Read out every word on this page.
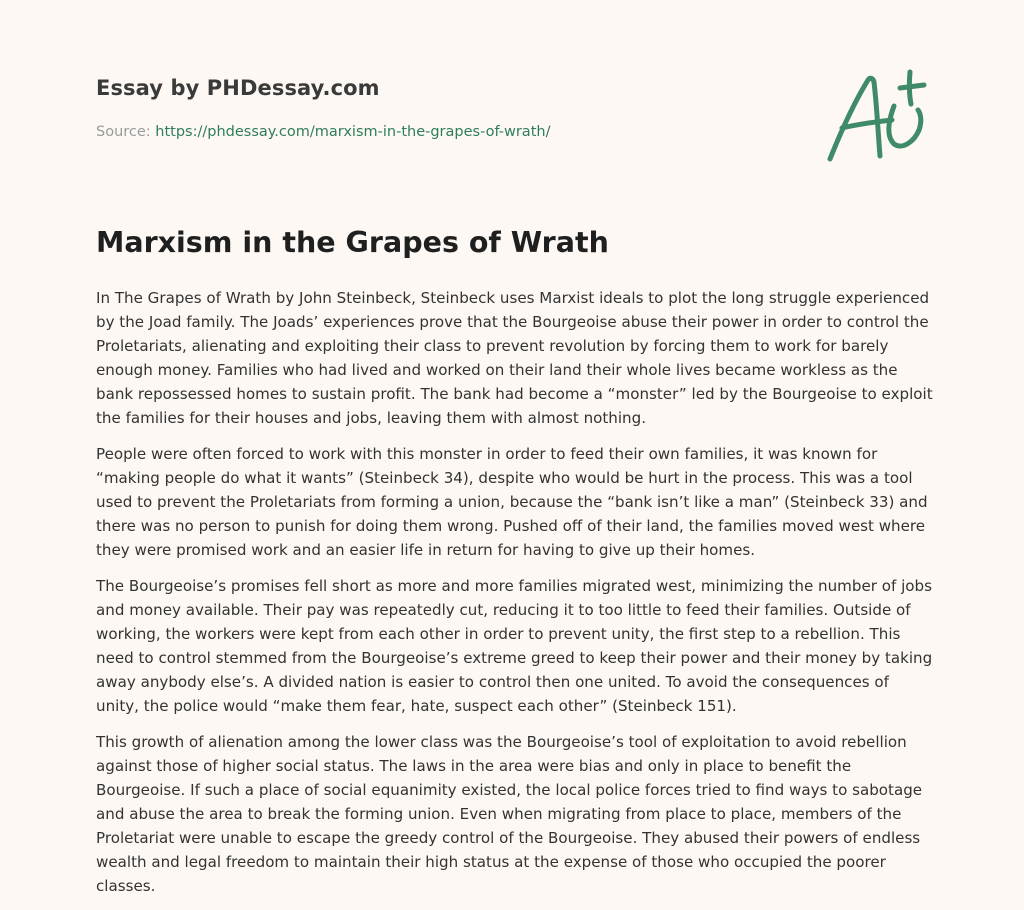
Essay by PHDessay.com

Source: https://phdessay.com/marxism-in-the-grapes-of-wrath/

Marxism in the Grapes of Wrath

In The Grapes of Wrath by John Steinbeck, Steinbeck uses Marxist ideals to plot the long struggle experienced by the Joad family. The Joads’ experiences prove that the Bourgeoise abuse their power in order to control the Proletariats, alienating and exploiting their class to prevent revolution by forcing them to work for barely enough money. Families who had lived and worked on their land their whole lives became workless as the bank repossessed homes to sustain profit. The bank had become a “monster” led by the Bourgeoise to exploit the families for their houses and jobs, leaving them with almost nothing.

People were often forced to work with this monster in order to feed their own families, it was known for “making people do what it wants” (Steinbeck 34), despite who would be hurt in the process. This was a tool used to prevent the Proletariats from forming a union, because the “bank isn’t like a man” (Steinbeck 33) and there was no person to punish for doing them wrong. Pushed off of their land, the families moved west where they were promised work and an easier life in return for having to give up their homes.

The Bourgeoise’s promises fell short as more and more families migrated west, minimizing the number of jobs and money available. Their pay was repeatedly cut, reducing it to too little to feed their families. Outside of working, the workers were kept from each other in order to prevent unity, the first step to a rebellion. This need to control stemmed from the Bourgeoise’s extreme greed to keep their power and their money by taking away anybody else’s. A divided nation is easier to control then one united. To avoid the consequences of unity, the police would “make them fear, hate, suspect each other” (Steinbeck 151).

This growth of alienation among the lower class was the Bourgeoise’s tool of exploitation to avoid rebellion against those of higher social status. The laws in the area were bias and only in place to benefit the Bourgeoise. If such a place of social equanimity existed, the local police forces tried to find ways to sabotage and abuse the area to break the forming union. Even when migrating from place to place, members of the Proletariat were unable to escape the greedy control of the Bourgeoise. They abused their powers of endless wealth and legal freedom to maintain their high status at the expense of those who occupied the poorer classes.
